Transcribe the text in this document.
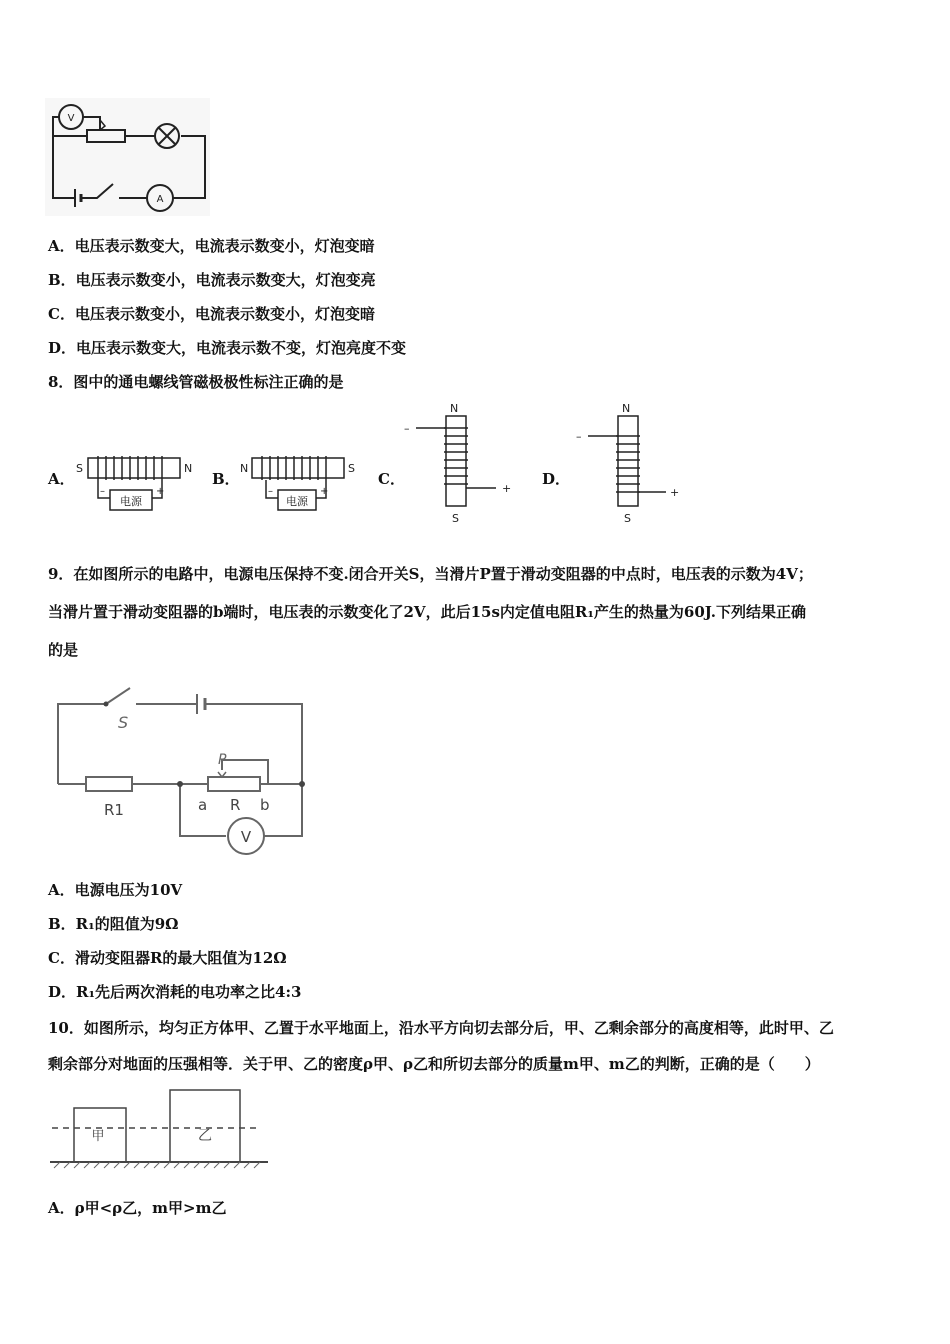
V
A
A．电压表示数变大，电流表示数变小，灯泡变暗
B．电压表示数变小，电流表示数变大，灯泡变亮
C．电压表示数变小，电流表示数变小，灯泡变暗
D．电压表示数变大，电流表示数不变，灯泡亮度不变
8．图中的通电螺线管磁极极性标注正确的是
A．	B．	C．	D．
S	N
–	+
电源
N	S
–	+
电源
N
S
–
+
N
S
–
+
9．在如图所示的电路中，电源电压保持不变.闭合开关S，当滑片P置于滑动变阻器的中点时，电压表的示数为4V；
当滑片置于滑动变阻器的b端时，电压表的示数变化了2V，此后15s内定值电阻R₁产生的热量为60J.下列结果正确
的是
S
P
R1	a R b
V
A．电源电压为10V
B．R₁的阻值为9Ω
C．滑动变阻器R的最大阻值为12Ω
D．R₁先后两次消耗的电功率之比4:3
10．如图所示，均匀正方体甲、乙置于水平地面上，沿水平方向切去部分后，甲、乙剩余部分的高度相等，此时甲、乙
剩余部分对地面的压强相等．关于甲、乙的密度ρ甲、ρ乙和所切去部分的质量m甲、m乙的判断，正确的是（　　）
甲	乙
A．ρ甲<ρ乙，m甲>m乙
